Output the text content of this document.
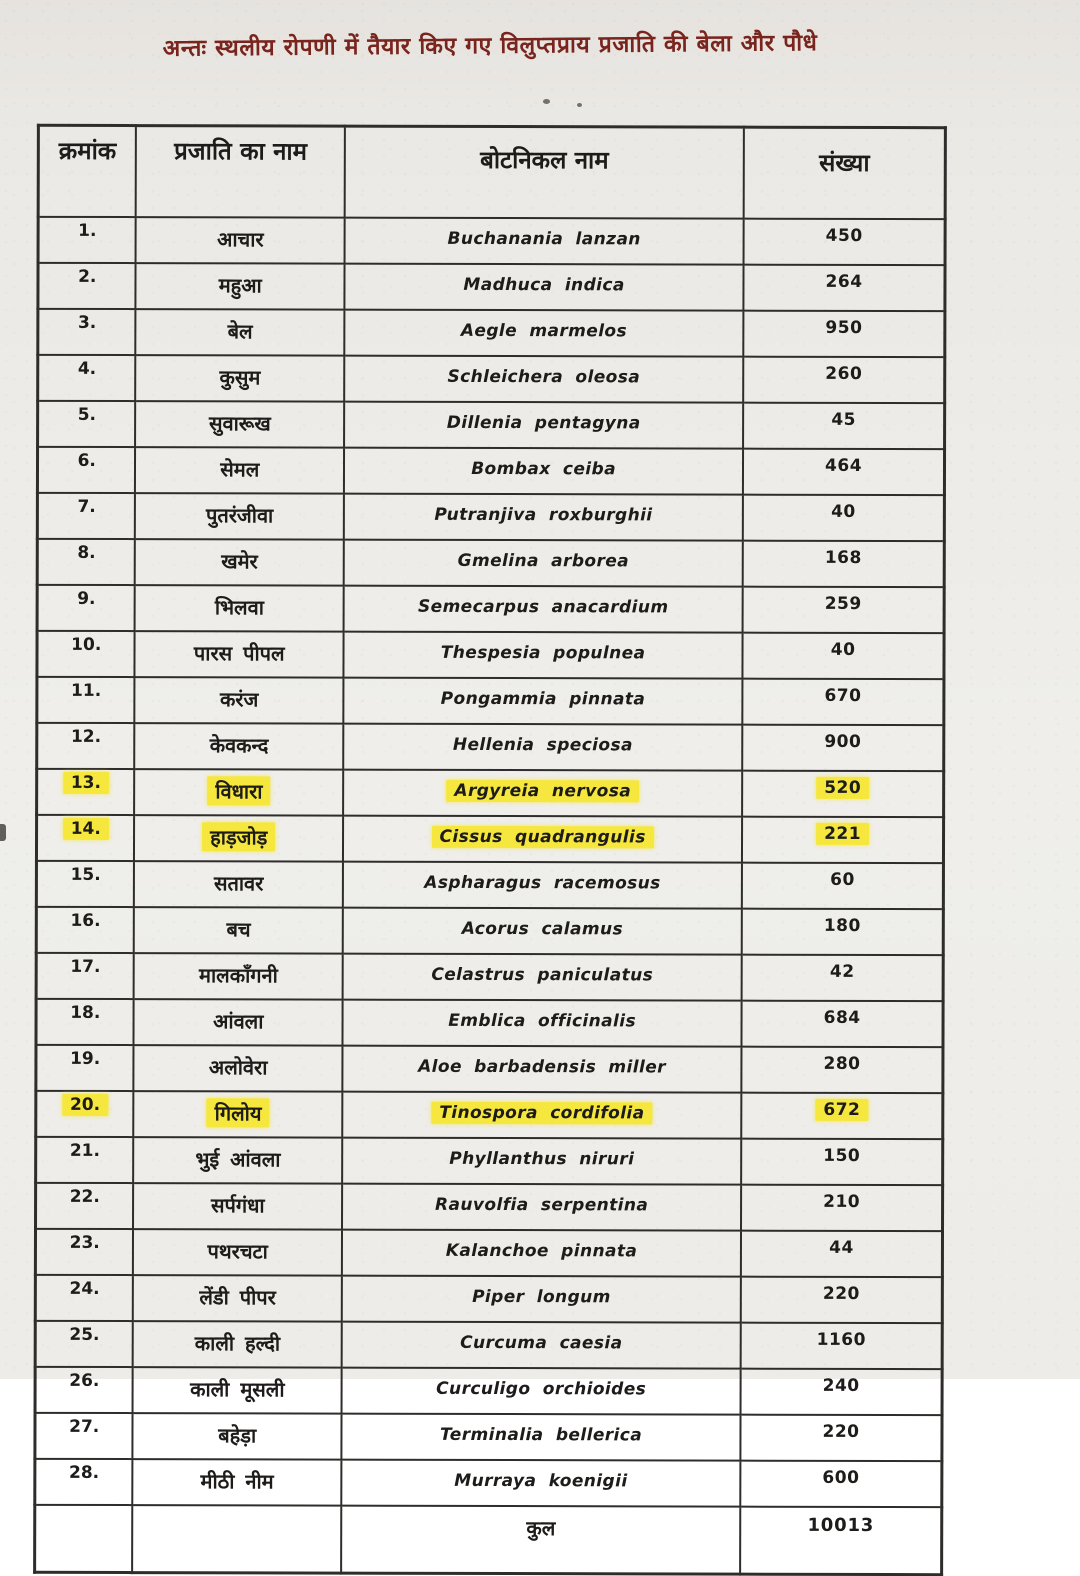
अन्तः स्थलीय रोपणी में तैयार किए गए विलुप्तप्राय प्रजाति की बेला और पौधे
क्रमांक	प्रजाति का नाम	बोटनिकल नाम	संख्या
1.	आचार	Buchanania lanzan	450
2.	महुआ	Madhuca indica	264
3.	बेल	Aegle marmelos	950
4.	कुसुम	Schleichera oleosa	260
5.	सुवारूख	Dillenia pentagyna	45
6.	सेमल	Bombax ceiba	464
7.	पुतरंजीवा	Putranjiva roxburghii	40
8.	खमेर	Gmelina arborea	168
9.	भिलवा	Semecarpus anacardium	259
10.	पारस पीपल	Thespesia populnea	40
11.	करंज	Pongammia pinnata	670
12.	केवकन्द	Hellenia speciosa	900
13.	विधारा	Argyreia nervosa	520
14.	हाड़जोड़	Cissus quadrangulis	221
15.	सतावर	Aspharagus racemosus	60
16.	बच	Acorus calamus	180
17.	मालकाँगनी	Celastrus paniculatus	42
18.	आंवला	Emblica officinalis	684
19.	अलोवेरा	Aloe barbadensis miller	280
20.	गिलोय	Tinospora cordifolia	672
21.	भुई आंवला	Phyllanthus niruri	150
22.	सर्पगंधा	Rauvolfia serpentina	210
23.	पथरचटा	Kalanchoe pinnata	44
24.	लेंडी पीपर	Piper longum	220
25.	काली हल्दी	Curcuma caesia	1160
26.	काली मूसली	Curculigo orchioides	240
27.	बहेड़ा	Terminalia bellerica	220
28.	मीठी नीम	Murraya koenigii	600
		कुल	10013
